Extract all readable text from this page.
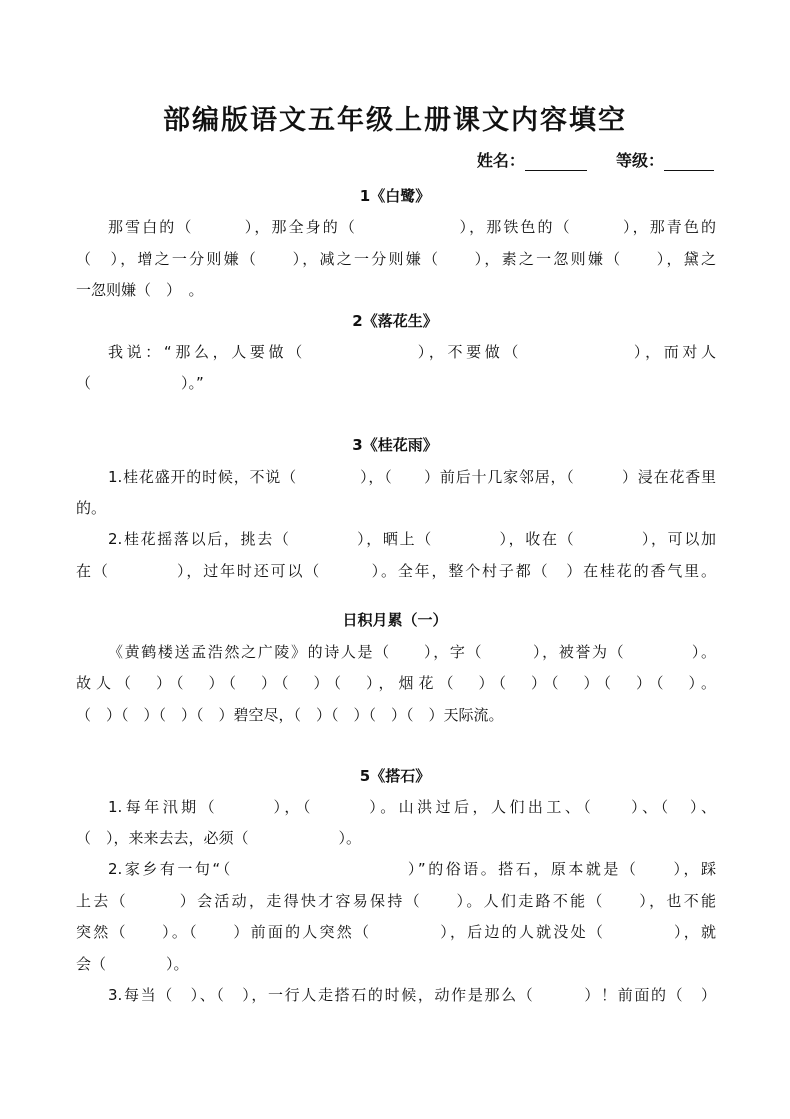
部编版语文五年级上册课文内容填空
姓名：	等级：
1《白鹭》
那雪白的（　　　），那全身的（　　　　　　），那铁色的（　　　），那青色的
（　），增之一分则嫌（　　），减之一分则嫌（　　），素之一忽则嫌（　　），黛之
一忽则嫌（　）　。
2《落花生》
我说：“那么，人要做（　　　　　　），不要做（　　　　　　），而对人
（　　　　　　）。”
3《桂花雨》
1.桂花盛开的时候，不说（　　　　），（　　）前后十几家邻居，（　　　）浸在花香里
的。
2.桂花摇落以后，挑去（　　　　），晒上（　　　　），收在（　　　　），可以加
在（　　　　），过年时还可以（　　　）。全年，整个村子都（　）在桂花的香气里。
日积月累（一）
《黄鹤楼送孟浩然之广陵》的诗人是（　　），字（　　　），被誉为（　　　　）。
故人（　）（　）（　）（　）（　），烟花（　）（　）（　）（　）（　）。
（　）（　）（　）（　）碧空尽，（　）（　）（　）（　）天际流。
5《搭石》
1.每年汛期（　　　），（　　　）。山洪过后，人们出工、（　　）、（　）、
（　），来来去去，必须（　　　　　　）。
2.家乡有一句“（　　　　　　　　　　）”的俗语。搭石，原本就是（　　），踩
上去（　　　）会活动，走得快才容易保持（　　）。人们走路不能（　　），也不能
突然（　　）。（　　）前面的人突然（　　　　），后边的人就没处（　　　　），就
会（　　　　）。
3.每当（　）、（　），一行人走搭石的时候，动作是那么（　　　）！前面的（　）
